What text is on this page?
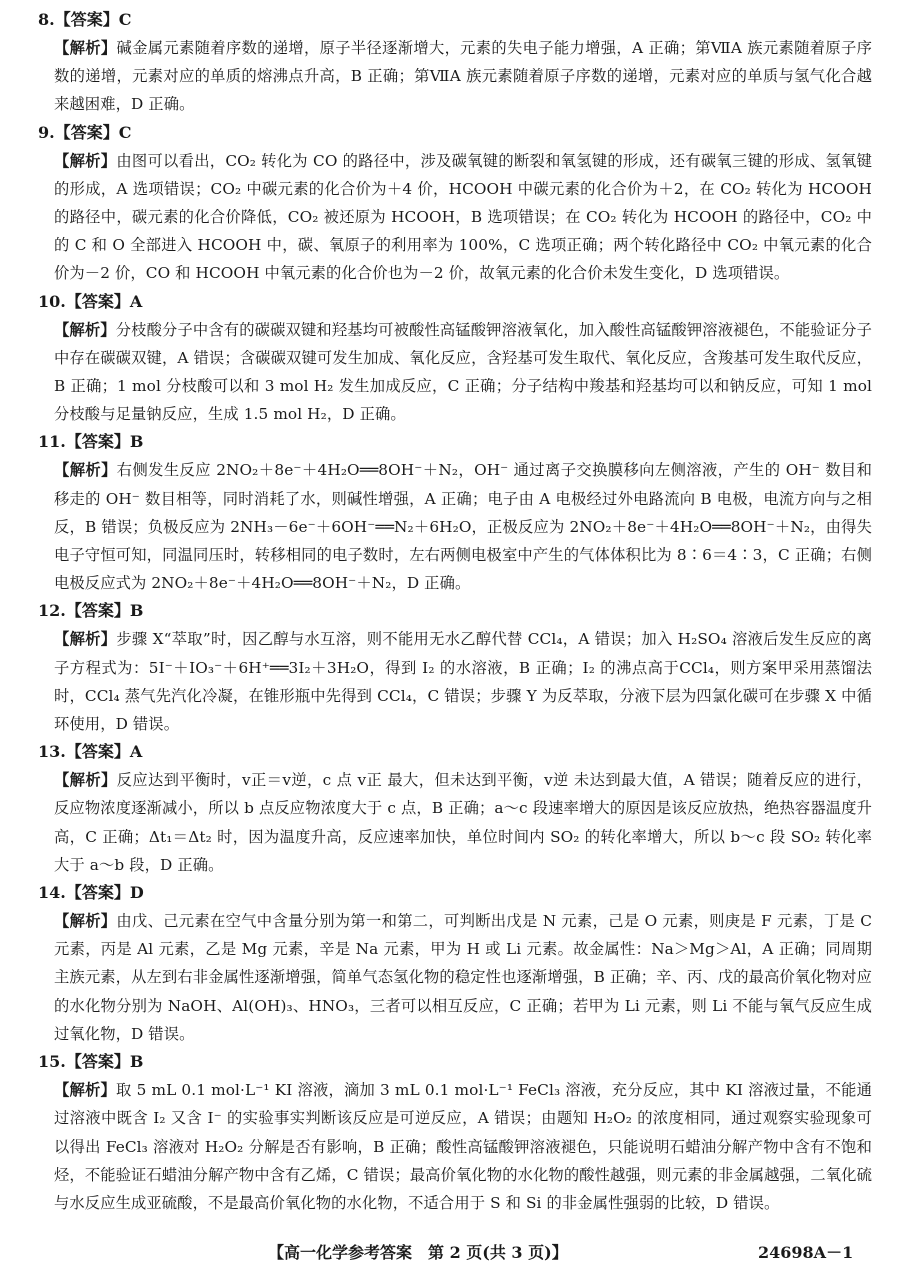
8.【答案】C

【解析】碱金属元素随着序数的递增，原子半径逐渐增大，元素的失电子能力增强，A 正确；第ⅦA 族元素随着原子序数的递增，元素对应的单质的熔沸点升高，B 正确；第ⅦA 族元素随着原子序数的递增，元素对应的单质与氢气化合越来越困难，D 正确。

9.【答案】C

【解析】由图可以看出，CO₂ 转化为 CO 的路径中，涉及碳氧键的断裂和氧氢键的形成，还有碳氧三键的形成、氢氧键的形成，A 选项错误；CO₂ 中碳元素的化合价为＋4 价，HCOOH 中碳元素的化合价为＋2，在 CO₂ 转化为 HCOOH 的路径中，碳元素的化合价降低，CO₂ 被还原为 HCOOH，B 选项错误；在 CO₂ 转化为 HCOOH 的路径中，CO₂ 中的 C 和 O 全部进入 HCOOH 中，碳、氧原子的利用率为 100%，C 选项正确；两个转化路径中 CO₂ 中氧元素的化合价为－2 价，CO 和 HCOOH 中氧元素的化合价也为－2 价，故氧元素的化合价未发生变化，D 选项错误。

10.【答案】A

【解析】分枝酸分子中含有的碳碳双键和羟基均可被酸性高锰酸钾溶液氧化，加入酸性高锰酸钾溶液褪色，不能验证分子中存在碳碳双键，A 错误；含碳碳双键可发生加成、氧化反应，含羟基可发生取代、氧化反应，含羧基可发生取代反应，B 正确；1 mol 分枝酸可以和 3 mol H₂ 发生加成反应，C 正确；分子结构中羧基和羟基均可以和钠反应，可知 1 mol 分枝酸与足量钠反应，生成 1.5 mol H₂，D 正确。

11.【答案】B

【解析】右侧发生反应 2NO₂＋8e⁻＋4H₂O══8OH⁻＋N₂，OH⁻ 通过离子交换膜移向左侧溶液，产生的 OH⁻ 数目和移走的 OH⁻ 数目相等，同时消耗了水，则碱性增强，A 正确；电子由 A 电极经过外电路流向 B 电极，电流方向与之相反，B 错误；负极反应为 2NH₃－6e⁻＋6OH⁻══N₂＋6H₂O，正极反应为 2NO₂＋8e⁻＋4H₂O══8OH⁻＋N₂，由得失电子守恒可知，同温同压时，转移相同的电子数时，左右两侧电极室中产生的气体体积比为 8∶6＝4∶3，C 正确；右侧电极反应式为 2NO₂＋8e⁻＋4H₂O══8OH⁻＋N₂，D 正确。

12.【答案】B

【解析】步骤 X“萃取”时，因乙醇与水互溶，则不能用无水乙醇代替 CCl₄，A 错误；加入 H₂SO₄ 溶液后发生反应的离子方程式为：5I⁻＋IO₃⁻＋6H⁺══3I₂＋3H₂O，得到 I₂ 的水溶液，B 正确；I₂ 的沸点高于CCl₄，则方案甲采用蒸馏法时，CCl₄ 蒸气先汽化冷凝，在锥形瓶中先得到 CCl₄，C 错误；步骤 Y 为反萃取，分液下层为四氯化碳可在步骤 X 中循环使用，D 错误。

13.【答案】A

【解析】反应达到平衡时，v正＝v逆，c 点 v正 最大，但未达到平衡，v逆 未达到最大值，A 错误；随着反应的进行，反应物浓度逐渐减小，所以 b 点反应物浓度大于 c 点，B 正确；a～c 段速率增大的原因是该反应放热，绝热容器温度升高，C 正确；Δt₁＝Δt₂ 时，因为温度升高，反应速率加快，单位时间内 SO₂ 的转化率增大，所以 b～c 段 SO₂ 转化率大于 a～b 段，D 正确。

14.【答案】D

【解析】由戊、己元素在空气中含量分别为第一和第二，可判断出戊是 N 元素，己是 O 元素，则庚是 F 元素，丁是 C 元素，丙是 Al 元素，乙是 Mg 元素，辛是 Na 元素，甲为 H 或 Li 元素。故金属性：Na＞Mg＞Al，A 正确；同周期主族元素，从左到右非金属性逐渐增强，简单气态氢化物的稳定性也逐渐增强，B 正确；辛、丙、戊的最高价氧化物对应的水化物分别为 NaOH、Al(OH)₃、HNO₃，三者可以相互反应，C 正确；若甲为 Li 元素，则 Li 不能与氧气反应生成过氧化物，D 错误。

15.【答案】B

【解析】取 5 mL 0.1 mol·L⁻¹ KI 溶液，滴加 3 mL 0.1 mol·L⁻¹ FeCl₃ 溶液，充分反应，其中 KI 溶液过量，不能通过溶液中既含 I₂ 又含 I⁻ 的实验事实判断该反应是可逆反应，A 错误；由题知 H₂O₂ 的浓度相同，通过观察实验现象可以得出 FeCl₃ 溶液对 H₂O₂ 分解是否有影响，B 正确；酸性高锰酸钾溶液褪色，只能说明石蜡油分解产物中含有不饱和烃，不能验证石蜡油分解产物中含有乙烯，C 错误；最高价氧化物的水化物的酸性越强，则元素的非金属越强，二氧化硫与水反应生成亚硫酸，不是最高价氧化物的水化物，不适合用于 S 和 Si 的非金属性强弱的比较，D 错误。

【高一化学参考答案　第 2 页(共 3 页)】	24698A－1
